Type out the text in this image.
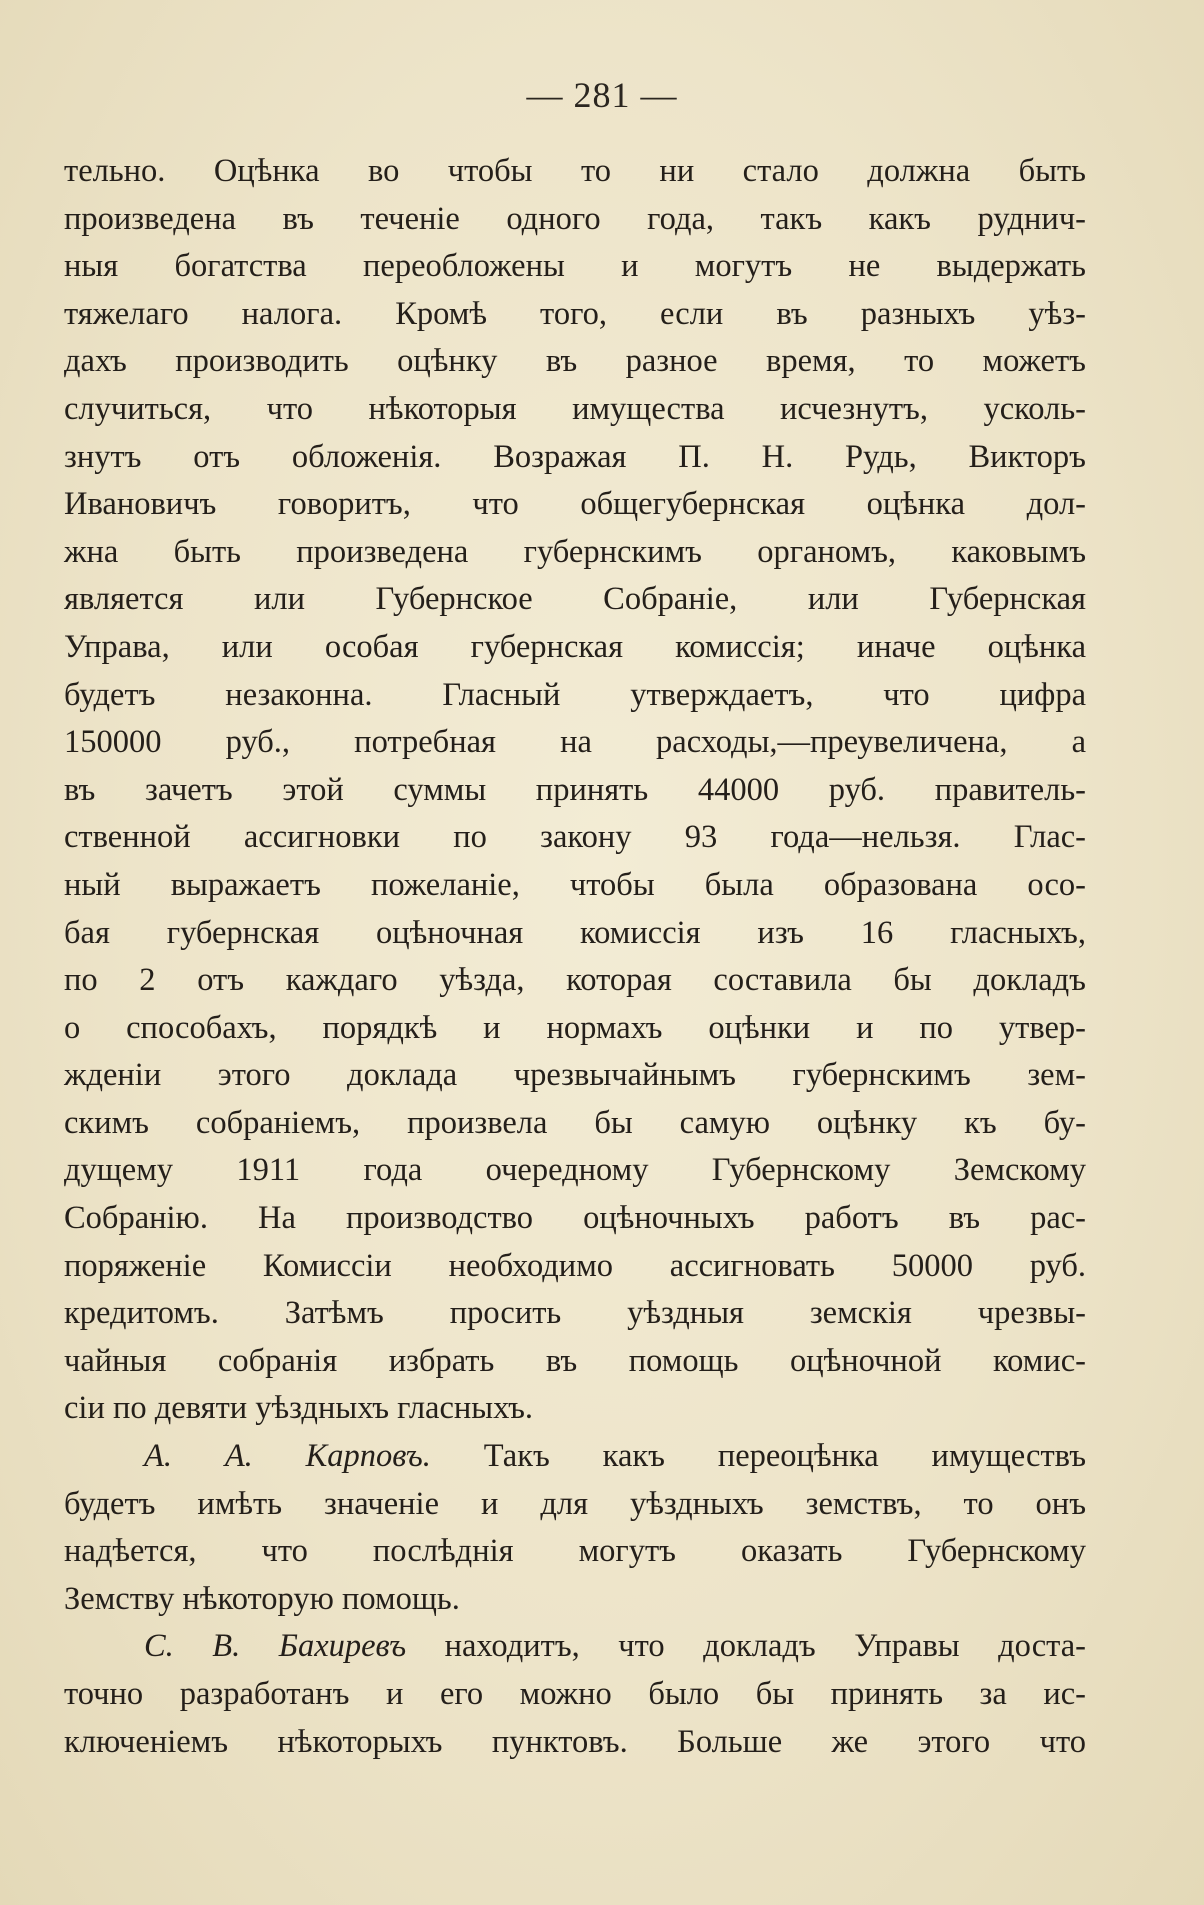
— 281 —
тельно. Оцѣнка во чтобы то ни стало должна быть
произведена въ теченіе одного года, такъ какъ руднич-
ныя богатства переобложены и могутъ не выдержать
тяжелаго налога. Кромѣ того, если въ разныхъ уѣз-
дахъ производить оцѣнку въ разное время, то можетъ
случиться, что нѣкоторыя имущества исчезнутъ, усколь-
знутъ отъ обложенія. Возражая П. Н. Рудь, Викторъ
Ивановичъ говоритъ, что общегубернская оцѣнка дол-
жна быть произведена губернскимъ органомъ, каковымъ
является или Губернское Собраніе, или Губернская
Управа, или особая губернская комиссія; иначе оцѣнка
будетъ незаконна. Гласный утверждаетъ, что цифра
150000 руб., потребная на расходы,—преувеличена, а
въ зачетъ этой суммы принять 44000 руб. правитель-
ственной ассигновки по закону 93 года—нельзя. Глас-
ный выражаетъ пожеланіе, чтобы была образована осо-
бая губернская оцѣночная комиссія изъ 16 гласныхъ,
по 2 отъ каждаго уѣзда, которая составила бы докладъ
о способахъ, порядкѣ и нормахъ оцѣнки и по утвер-
жденіи этого доклада чрезвычайнымъ губернскимъ зем-
скимъ собраніемъ, произвела бы самую оцѣнку къ бу-
дущему 1911 года очередному Губернскому Земскому
Собранію. На производство оцѣночныхъ работъ въ рас-
поряженіе Комиссіи необходимо ассигновать 50000 руб.
кредитомъ. Затѣмъ просить уѣздныя земскія чрезвы-
чайныя собранія избрать въ помощь оцѣночной комис-
сіи по девяти уѣздныхъ гласныхъ.
А. А. Карповъ. Такъ какъ переоцѣнка имуществъ
будетъ имѣть значеніе и для уѣздныхъ земствъ, то онъ
надѣется, что послѣднія могутъ оказать Губернскому
Земству нѣкоторую помощь.
С. В. Бахиревъ находитъ, что докладъ Управы доста-
точно разработанъ и его можно было бы принять за ис-
ключеніемъ нѣкоторыхъ пунктовъ. Больше же этого что
